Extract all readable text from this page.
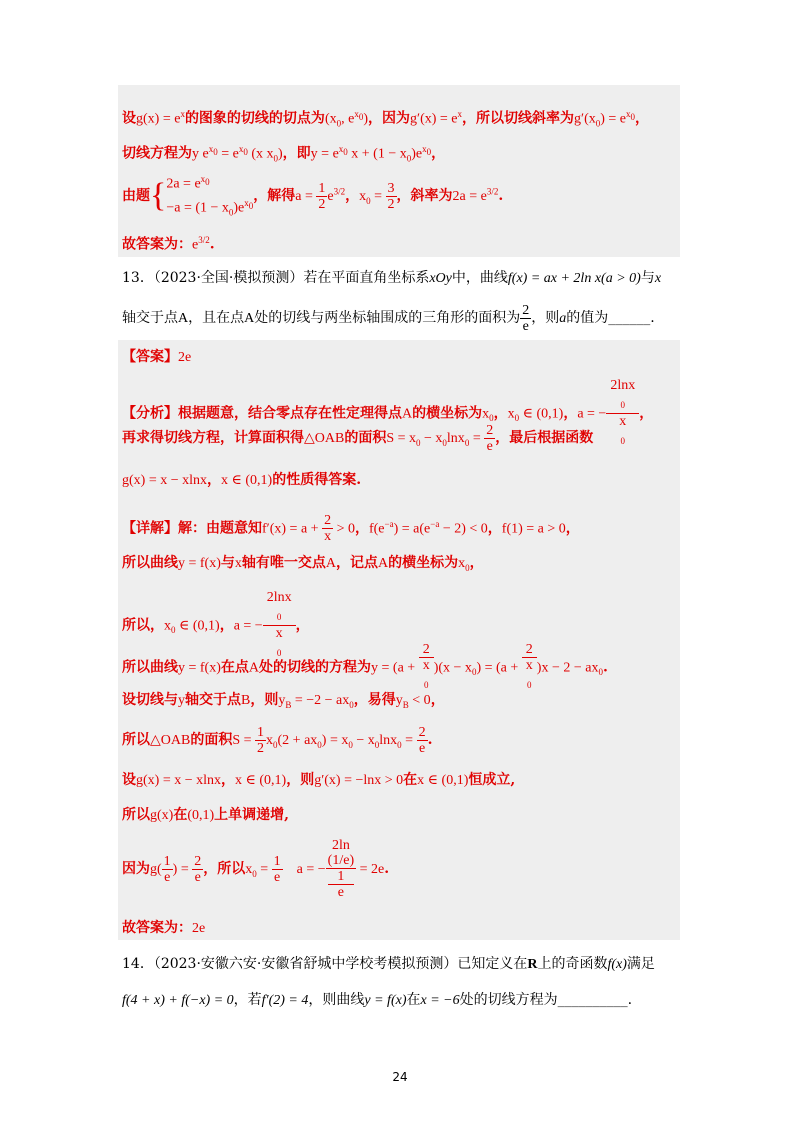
设$g(x) = e^x$的图象的切线的切点为($x_0$, $e^{x_0}$)，因为$g'(x) = e^x$，所以切线斜率为$g'(x_0) = e^{x_0}$，
切线方程为y $e^{x_0} = e^{x_0}$ (x $x_0$)，即$y = e^{x_0}$ $x + (1 - x_0)e^{x_0}$，
由题{$2a = e^{x_0}$
$-a = (1 - x_0)e^{x_0}$，解得$a = \frac{1}{2} e^{3/2}$，$x_0 = \frac{3}{2}$ ，斜率为$2a = e^{3/2}$.
故答案为：$e^{3/2}$.
13．（2023·全国·模拟预测）若在平面直角坐标系xOy中，曲线f(x) = ax + 2ln x(a > 0)与x
轴交于点A，且在点A处的切线与两坐标轴围成的三角形的面积为 $\frac{2}{e}$ ，则a的值为______.
【答案】2e
【分析】根据题意，结合零点存在性定理得点A的横坐标为$x_0$，$x_0$ ∈ (0,1)，a = − 2lnx
$_0$
x
$_0$ ，
再求得切线方程，计算面积得△OAB的面积$S = x_0 - x_0\ln x_0 = \frac{2}{e}$ ，最后根据函数
g(x) = x − xlnx，x ∈ (0,1)的性质得答案.
【详解】解：由题意知$f'(x) = a + \frac{2}{x} > 0$，$f(e^{-a}) = a(e^{-a} - 2) < 0$，f(1) = a > 0，
所以曲线y = f(x)与x轴有唯一交点A，记点A的横坐标为$x_0$，
所以，$x_0$ ∈ (0,1)，a = − 2lnx
$_0$
x
$_0$ ，
所以曲线y = f(x)在点A处的切线的方程为y = (a + 2
x
$_0$ )$(x - x_0) = (a + 2$
x
$_0$ )$x - 2 - ax_0$.
设切线与y轴交于点B，则$y_B = -2 - ax_0$，易得$y_B < 0$，
所以△OAB的面积$S = \frac{1}{2} x_0(2 + ax_0) = x_0 - x_0\ln x_0 = \frac{2}{e}$ .
设g(x) = x − xlnx，x ∈ (0,1)，则g′(x) = −lnx > 0在x ∈ (0,1)恒成立,
所以g(x)在(0,1)上单调递增,
因为$g( \frac{1}{e}$ ) = $\frac{2}{e}$ ，所以$x_0 = \frac{1}{e}$ a = − 2ln
(1/e)
1
e = 2e.
故答案为：2e
14．（2023·安徽六安·安徽省舒城中学校考模拟预测）已知定义在R上的奇函数f(x)满足
f(4 + x) + f(−x) = 0，若f′(2) = 4，则曲线y = f(x)在x = −6处的切线方程为__________.
24
